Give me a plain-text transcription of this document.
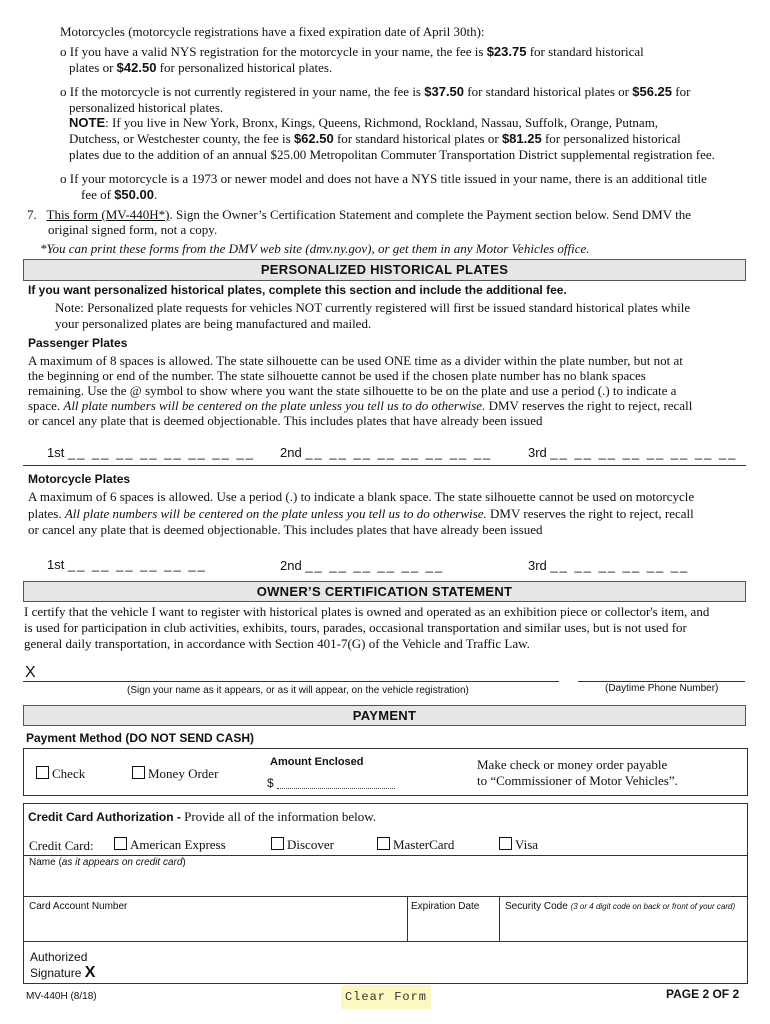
Motorcycles (motorcycle registrations have a fixed expiration date of April 30th):
o If you have a valid NYS registration for the motorcycle in your name, the fee is $23.75 for standard historical
plates or $42.50 for personalized historical plates.
o If the motorcycle is not currently registered in your name, the fee is $37.50 for standard historical plates or $56.25 for
personalized historical plates.
NOTE: If you live in New York, Bronx, Kings, Queens, Richmond, Rockland, Nassau, Suffolk, Orange, Putnam,
Dutchess, or Westchester county, the fee is $62.50 for standard historical plates or $81.25 for personalized historical
plates due to the addition of an annual $25.00 Metropolitan Commuter Transportation District supplemental registration fee.
o If your motorcycle is a 1973 or newer model and does not have a NYS title issued in your name, there is an additional title
fee of $50.00.
7. This form (MV-440H*). Sign the Owner’s Certification Statement and complete the Payment section below. Send DMV the
original signed form, not a copy.
*You can print these forms from the DMV web site (dmv.ny.gov), or get them in any Motor Vehicles office.
PERSONALIZED HISTORICAL PLATES
If you want personalized historical plates, complete this section and include the additional fee.
Note: Personalized plate requests for vehicles NOT currently registered will first be issued standard historical plates while
your personalized plates are being manufactured and mailed.
Passenger Plates
A maximum of 8 spaces is allowed. The state silhouette can be used ONE time as a divider within the plate number, but not at
the beginning or end of the number. The state silhouette cannot be used if the chosen plate number has no blank spaces
remaining. Use the @ symbol to show where you want the state silhouette to be on the plate and use a period (.) to indicate a
space. All plate numbers will be centered on the plate unless you tell us to do otherwise. DMV reserves the right to reject, recall
or cancel any plate that is deemed objectionable. This includes plates that have already been issued
1st __ __ __ __ __ __ __ __ 2nd __ __ __ __ __ __ __ __	3rd __ __ __ __ __ __ __ __
Motorcycle Plates
A maximum of 6 spaces is allowed. Use a period (.) to indicate a blank space. The state silhouette cannot be used on motorcycle
plates. All plate numbers will be centered on the plate unless you tell us to do otherwise. DMV reserves the right to reject, recall
or cancel any plate that is deemed objectionable. This includes plates that have already been issued
1st __ __ __ __ __ __	2nd __ __ __ __ __ __	3rd __ __ __ __ __ __
OWNER’S CERTIFICATION STATEMENT
I certify that the vehicle I want to register with historical plates is owned and operated as an exhibition piece or collector's item, and
is used for participation in club activities, exhibits, tours, parades, occasional transportation and similar uses, but is not used for
general daily transportation, in accordance with Section 401-7(G) of the Vehicle and Traffic Law.
X
(Sign your name as it appears, or as it will appear, on the vehicle registration)	(Daytime Phone Number)
PAYMENT
Payment Method (DO NOT SEND CASH)
Check	Money Order
Amount Enclosed
$
Make check or money order payable
to “Commissioner of Motor Vehicles”.
Credit Card Authorization - Provide all of the information below.
Credit Card:	American Express	Discover	MasterCard	Visa
Name (as it appears on credit card)
Card Account Number	Expiration Date	Security Code (3 or 4 digit code on back or front of your card)
Authorized
Signature X
MV-440H (8/18)	Clear Form	PAGE 2 OF 2
